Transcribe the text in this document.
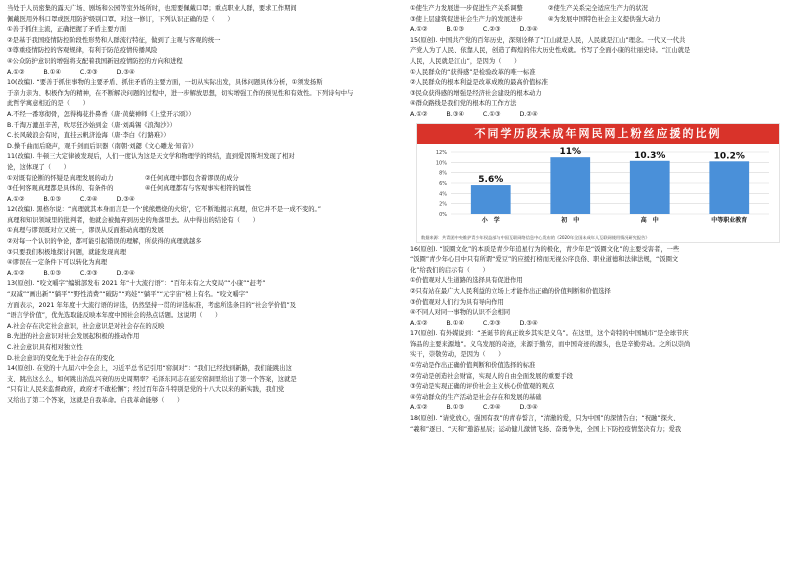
当处于人员密集的露天广场、剧场和公园等室外场所时，也需要佩戴口罩；重点职业人群，要求工作期间

佩戴医用外科口罩或医用防护级别口罩。对这一修订，下列认识正确的是（　　）

①善于抓住主流，正确把握了矛盾主要方面

②是基于我国疫情防控阶段性形势和人群流行特征，做到了主观与客观的统一

③尊重疫情防控的客观规律，有利于防范疫情传播风险

④公众防护意识的增强将支配着我国新冠疫情防控的方向和进程

A.①②　　　B.①④　　　C.②③　　　D.③④

10(改编). “要善于抓住事物的主要矛盾、抓住矛盾的主要方面，一切从实际出发，具体问题具体分析，①须发扬斯

于亲力亲为、积极作为的精神，在不断解决问题的过程中，进一步解放思想，切实增强工作的预见性和有效性。下列诗句中与

此哲学寓意相近的是（　　）

A.不经一番寒彻骨，怎得梅花扑鼻香（唐·黄蘖禅师《上堂开示颂》）

B.千淘万漉虽辛苦，吹尽狂沙始到金（唐·刘禹锡《浪淘沙》）

C.长风破浪会有时，直挂云帆济沧海（唐·李白《行路难》）

D.操千曲而后晓声，观千剑而后识器（南朝·刘勰《文心雕龙·知音》）

11(改编). 牛顿三大定律被发现后，人们一度认为这是天文学和物理学的终结，直到爱因斯坦发现了相对

论，这体现了（　　）

①对既有论断的怀疑是真理发展的动力　　　　　②任何真理中都包含着谬误的成分

③任何客观真理都是具体的、有条件的　　　　　④任何真理都有与客观事实相符的属性

A.①②　　　B.①③　　　C.②④　　　D.③④

12(改编). 黑格尔说：“真理就其本身而言是一个‘熊熊燃烧的火焰’，它不断地揭示真理，但它并不是一成不变的。”

真理和知识领域里的批判者，他就会被抛弃到历史的角落里去。从中得出的结论有（　　）

①真理与谬误既对立又统一，谬误从反面推动真理的发展

②对每一个认识的争论，都可能引起错误的理解，所获得的真理就越多

③只要我们积极地探讨问题，就能发现真理

④谬误在一定条件下可以转化为真理

A.①②　　　B.①③　　　C.②③　　　D.②④

13(原创). “咬文嚼字”编辑部发布 2021 年“十大流行语”：“百年未有之大变局”“小康”“赶考”

“双减”“画出新”“躺平”“野性消费”“破防”“鸡娃”“躺平”“元宇宙”榜上有名。“咬文嚼字”

方面表示，2021 年年度十大流行语的评选，仍然坚持一贯的评选标准，考虑所选条目的“社会学价值”及

“语言学价值”，优先选取能反映本年度中国社会的热点话题。这说明（　　）

A.社会存在决定社会意识，社会意识是对社会存在的反映

B.先进的社会意识对社会发展起积极的推动作用

C.社会意识具有相对独立性

D.社会意识的变化先于社会存在的变化

14(原创). 在党的十九届六中全会上，习近平总书记引用“窑洞对”：“我们已经找到新路，我们能跳出这

支、跳出这么么，如何跳出治乱兴衰的历史周期率？毛泽东同志在延安窑洞里给出了第一个答案，这就是

“只有让人民来监督政府，政府才不敢松懈”；经过百年奋斗特别是党的十八大以来的新实践，我们党

又给出了第二个答案，这就是自我革命。自我革命能够（　　）

①使生产力发展进一步促进生产关系调整　　　　②使生产关系完全适应生产力的状况

③使上层建筑促进社会生产力的发展进步　　　　④为发展中国特色社会主义提供强大动力

A.①②　　　B.①③　　　C.②③　　　D.③④

15(原创). 中国共产党的百年历史，深刻诠释了“江山就是人民，人民就是江山”理念。一代又一代共

产党人为了人民、依靠人民，创造了辉煌的伟大历史性成就。书写了全面小康的壮丽史诗。“江山就是

人民，人民就是江山”，是因为（　　）

①人民群众的“获得感”是检验改革的唯一标准

②人民群众的根本利益是改革成败的最高价值标准

③民众获得感的增强是经济社会建设的根本动力

④群众路线是我们党的根本的工作方法

A.①②　　　B.③④　　　C.①③　　　D.②④

不同学历段未成年网民网上粉丝应援的比例
12%
10%
8%
6%
4%
2%
0%
5.6%
小　学
11%
初　中
10.3%
高　中
10.2%
中等职业教育
数据来源：共青团中央维护青少年权益部与中国互联网络信息中心发布的《2020年全国未成年人互联网使用情况研究报告》

16(原创). “饭圈文化”的本质是青少年追星行为的极化，青少年是“饭圈文化”的主要受害者，一些

“饭圈”青少年心目中只有所谓“爱豆”的应援打榜而无视公序良俗、职业道德和法律法规，“饭圈文

化”给我们的启示有（　　）

①价值观对人生道路的选择具有促进作用

②只有站在最广大人民利益的立场上才能作出正确的价值判断和价值选择

③价值观对人们行为具有导向作用

④不同人对同一事物的认识不会相同

A.①②　　　B.①④　　　C.②③　　　D.③④

17(原创). 有外媒说到：“圣诞节的真正故乡其实是义乌”。在这里，这个奇特的中国城市“是全球节庆

饰品的主要来源地”。义乌发展的奇迹，来源于勤劳，而中国奇迹的源头，也是辛勤劳动。之所以崇尚

实干，崇敬劳动，是因为（　　）

①劳动是作出正确价值判断和价值选择的标准

②劳动是创造社会财富，实现人的自由全面发展的重要手段

③劳动是实现正确的评价社会主义核心价值观的观点

④劳动群众的生产活动是社会存在和发展的基础

A.①②　　　B.①③　　　C.②④　　　D.③④

18(原创). “请党放心，强国有我”的青春誓言，“清澈的爱，只为中国”的深情告白；“祝融”探火、

“羲和”逐日、“天和”遨游星辰；运动健儿激情飞扬、奋勇争先，全国上下防控疫情坚决有力；爱我
